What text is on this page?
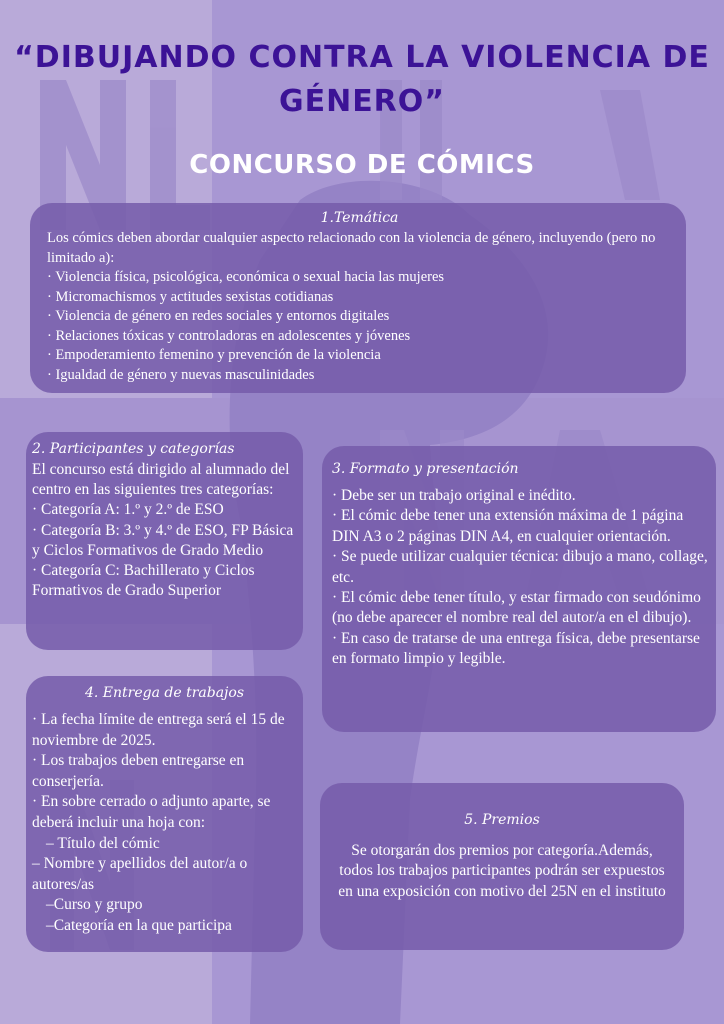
“DIBUJANDO CONTRA LA VIOLENCIA DE GÉNERO”
CONCURSO DE CÓMICS
1.Temática

Los cómics deben abordar cualquier aspecto relacionado con la violencia de género, incluyendo (pero no limitado a):

· Violencia física, psicológica, económica o sexual hacia las mujeres
· Micromachismos y actitudes sexistas cotidianas
· Violencia de género en redes sociales y entornos digitales
· Relaciones tóxicas y controladoras en adolescentes y jóvenes
· Empoderamiento femenino y prevención de la violencia
· Igualdad de género y nuevas masculinidades
2. Participantes y categorías

El concurso está dirigido al alumnado del centro en las siguientes tres categorías:

· Categoría A: 1.º y 2.º de ESO
· Categoría B: 3.º y 4.º de ESO, FP Básica y Ciclos Formativos de Grado Medio
· Categoría C: Bachillerato y Ciclos Formativos de Grado Superior
3. Formato y presentación
· Debe ser un trabajo original e inédito.
· El cómic debe tener una extensión máxima de 1 página DIN A3 o 2 páginas DIN A4, en cualquier orientación.
· Se puede utilizar cualquier técnica: dibujo a mano, collage, etc.
· El cómic debe tener título, y estar firmado con seudónimo (no debe aparecer el nombre real del autor/a en el dibujo).
· En caso de tratarse de una entrega física, debe presentarse en formato limpio y legible.
4. Entrega de trabajos
· La fecha límite de entrega será el 15 de noviembre de 2025.
· Los trabajos deben entregarse en conserjería.
· En sobre cerrado o adjunto aparte, se deberá incluir una hoja con:
– Título del cómic
– Nombre y apellidos del autor/a o autores/as
–Curso y grupo
–Categoría en la que participa
5. Premios

Se otorgarán dos premios por categoría.Además, todos los trabajos participantes podrán ser expuestos en una exposición con motivo del 25N en el instituto
